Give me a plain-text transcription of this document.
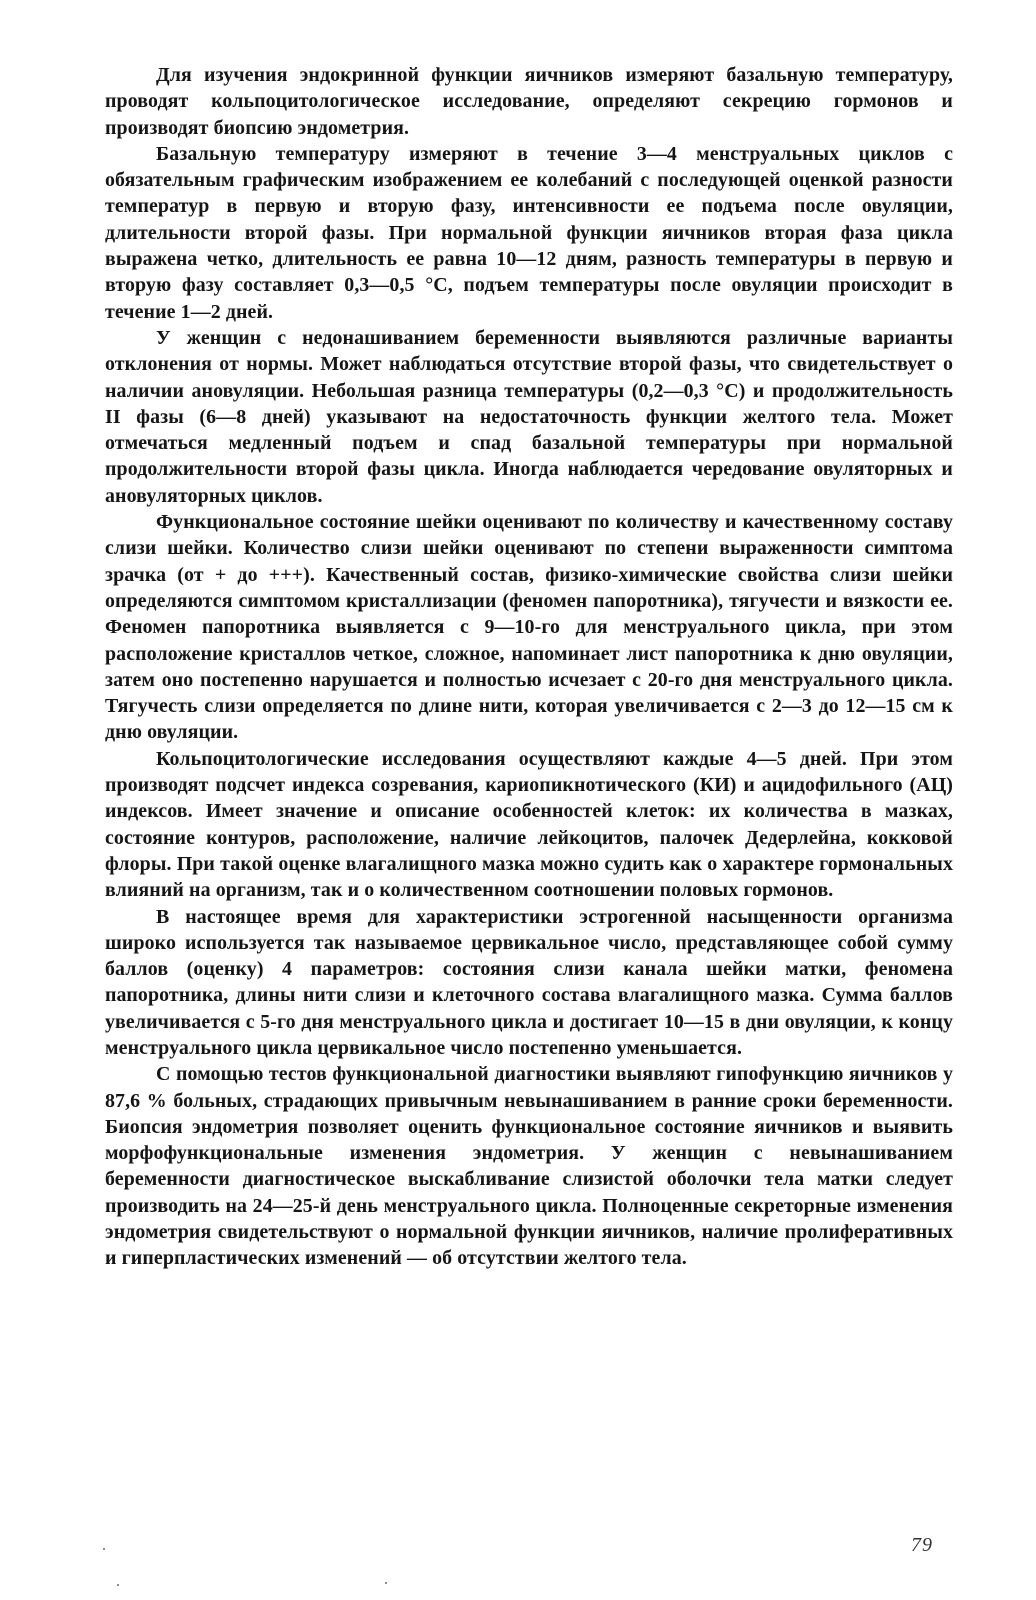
Для изучения эндокринной функции яичников измеряют базальную температуру, проводят кольпоцитологическое исследование, определяют секрецию гормонов и производят биопсию эндометрия.

Базальную температуру измеряют в течение 3—4 менструальных циклов с обязательным графическим изображением ее колебаний с последующей оценкой разности температур в первую и вторую фазу, интенсивности ее подъема после овуляции, длительности второй фазы. При нормальной функции яичников вторая фаза цикла выражена четко, длительность ее равна 10—12 дням, разность температуры в первую и вторую фазу составляет 0,3—0,5 °С, подъем температуры после овуляции происходит в течение 1—2 дней.

У женщин с недонашиванием беременности выявляются различные варианты отклонения от нормы. Может наблюдаться отсутствие второй фазы, что свидетельствует о наличии ановуляции. Небольшая разница температуры (0,2—0,3 °С) и продолжительность II фазы (6—8 дней) указывают на недостаточность функции желтого тела. Может отмечаться медленный подъем и спад базальной температуры при нормальной продолжительности второй фазы цикла. Иногда наблюдается чередование овуляторных и ановуляторных циклов.

Функциональное состояние шейки оценивают по количеству и качественному составу слизи шейки. Количество слизи шейки оценивают по степени выраженности симптома зрачка (от + до +++). Качественный состав, физико-химические свойства слизи шейки определяются симптомом кристаллизации (феномен папоротника), тягучести и вязкости ее. Феномен папоротника выявляется с 9—10-го для менструального цикла, при этом расположение кристаллов четкое, сложное, напоминает лист папоротника к дню овуляции, затем оно постепенно нарушается и полностью исчезает с 20-го дня менструального цикла. Тягучесть слизи определяется по длине нити, которая увеличивается с 2—3 до 12—15 см к дню овуляции.

Кольпоцитологические исследования осуществляют каждые 4—5 дней. При этом производят подсчет индекса созревания, кариопикнотического (КИ) и ацидофильного (АЦ) индексов. Имеет значение и описание особенностей клеток: их количества в мазках, состояние контуров, расположение, наличие лейкоцитов, палочек Дедерлейна, кокковой флоры. При такой оценке влагалищного мазка можно судить как о характере гормональных влияний на организм, так и о количественном соотношении половых гормонов.

В настоящее время для характеристики эстрогенной насыщенности организма широко используется так называемое цервикальное число, представляющее собой сумму баллов (оценку) 4 параметров: состояния слизи канала шейки матки, феномена папоротника, длины нити слизи и клеточного состава влагалищного мазка. Сумма баллов увеличивается с 5-го дня менструального цикла и достигает 10—15 в дни овуляции, к концу менструального цикла цервикальное число постепенно уменьшается.

С помощью тестов функциональной диагностики выявляют гипофункцию яичников у 87,6 % больных, страдающих привычным невынашиванием в ранние сроки беременности. Биопсия эндометрия позволяет оценить функциональное состояние яичников и выявить морфофункциональные изменения эндометрия. У женщин с невынашиванием беременности диагностическое выскабливание слизистой оболочки тела матки следует производить на 24—25-й день менструального цикла. Полноценные секреторные изменения эндометрия свидетельствуют о нормальной функции яичников, наличие пролиферативных и гиперпластических изменений — об отсутствии желтого тела.

79
